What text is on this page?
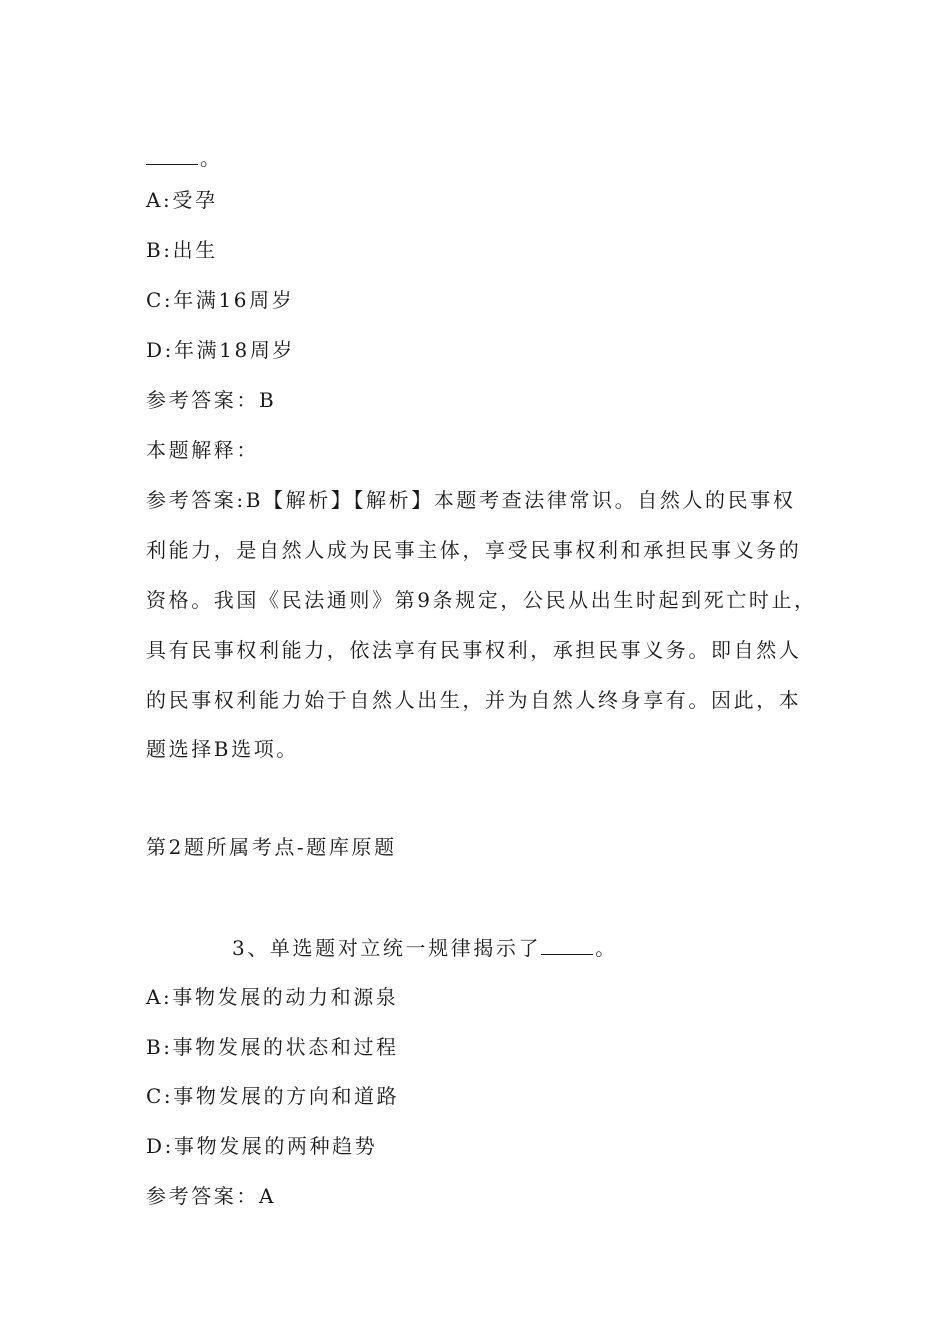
。
A:受孕
B:出生
C:年满16周岁
D:年满18周岁
参考答案：B
本题解释：
参考答案:B【解析】【解析】本题考查法律常识。自然人的民事权
利能力，是自然人成为民事主体，享受民事权利和承担民事义务的
资格。我国《民法通则》第9条规定，公民从出生时起到死亡时止，
具有民事权利能力，依法享有民事权利，承担民事义务。即自然人
的民事权利能力始于自然人出生，并为自然人终身享有。因此，本
题选择B选项。
第2题所属考点-题库原题
3、单选题对立统一规律揭示了	。
A:事物发展的动力和源泉
B:事物发展的状态和过程
C:事物发展的方向和道路
D:事物发展的两种趋势
参考答案：A
